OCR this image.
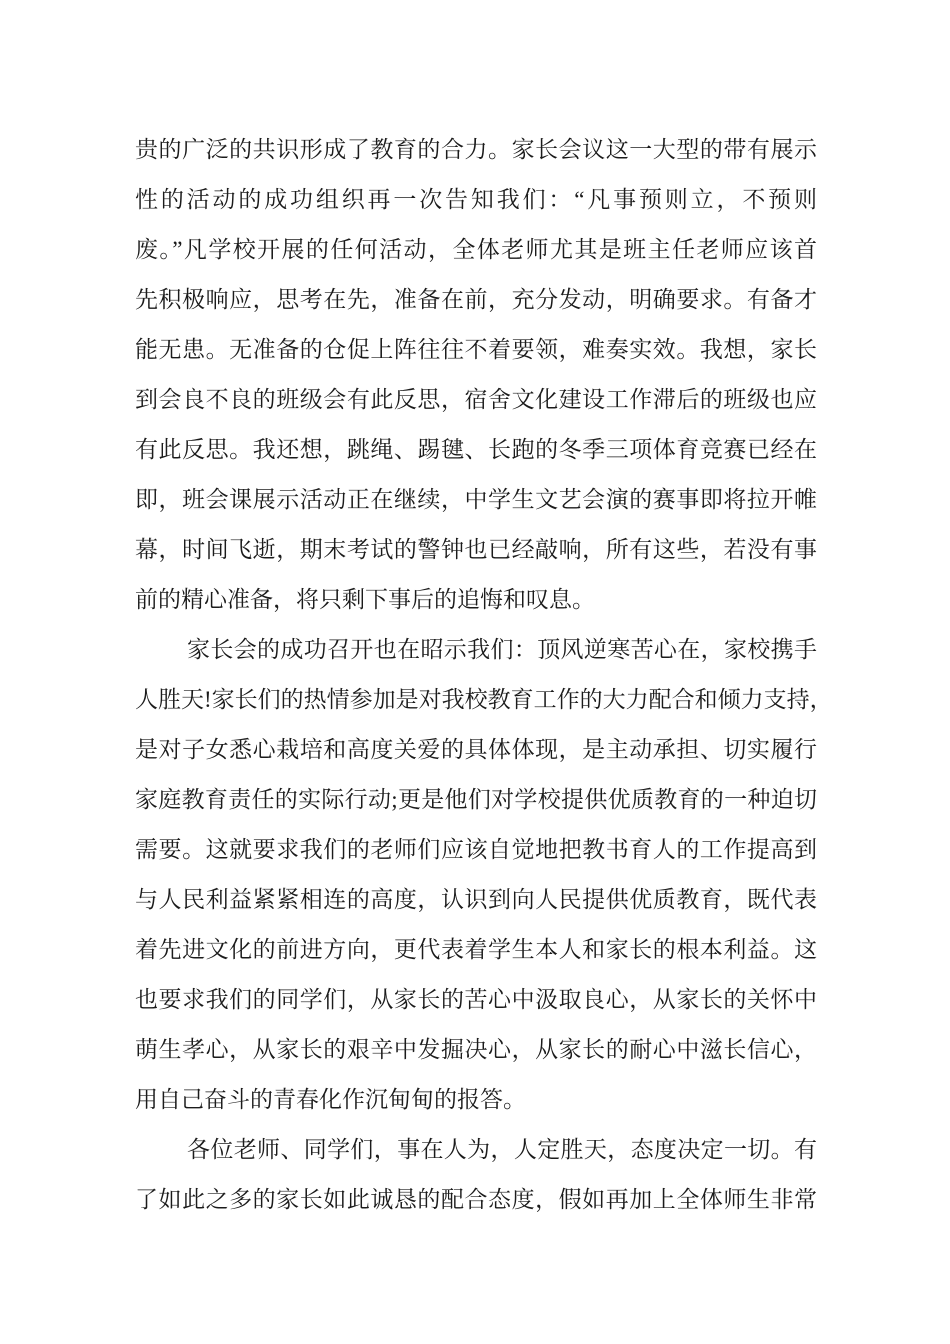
贵的广泛的共识形成了教育的合力。家长会议这一大型的带有展示
性的活动的成功组织再一次告知我们：“凡事预则立，不预则
废。”凡学校开展的任何活动，全体老师尤其是班主任老师应该首
先积极响应，思考在先，准备在前，充分发动，明确要求。有备才
能无患。无准备的仓促上阵往往不着要领，难奏实效。我想，家长
到会良不良的班级会有此反思，宿舍文化建设工作滞后的班级也应
有此反思。我还想，跳绳、踢毽、长跑的冬季三项体育竞赛已经在
即，班会课展示活动正在继续，中学生文艺会演的赛事即将拉开帷
幕，时间飞逝，期末考试的警钟也已经敲响，所有这些，若没有事
前的精心准备，将只剩下事后的追悔和叹息。
家长会的成功召开也在昭示我们：顶风逆寒苦心在，家校携手
人胜天!家长们的热情参加是对我校教育工作的大力配合和倾力支持，
是对子女悉心栽培和高度关爱的具体体现，是主动承担、切实履行
家庭教育责任的实际行动;更是他们对学校提供优质教育的一种迫切
需要。这就要求我们的老师们应该自觉地把教书育人的工作提高到
与人民利益紧紧相连的高度，认识到向人民提供优质教育，既代表
着先进文化的前进方向，更代表着学生本人和家长的根本利益。这
也要求我们的同学们，从家长的苦心中汲取良心，从家长的关怀中
萌生孝心，从家长的艰辛中发掘决心，从家长的耐心中滋长信心，
用自己奋斗的青春化作沉甸甸的报答。
各位老师、同学们，事在人为，人定胜天，态度决定一切。有
了如此之多的家长如此诚恳的配合态度，假如再加上全体师生非常
